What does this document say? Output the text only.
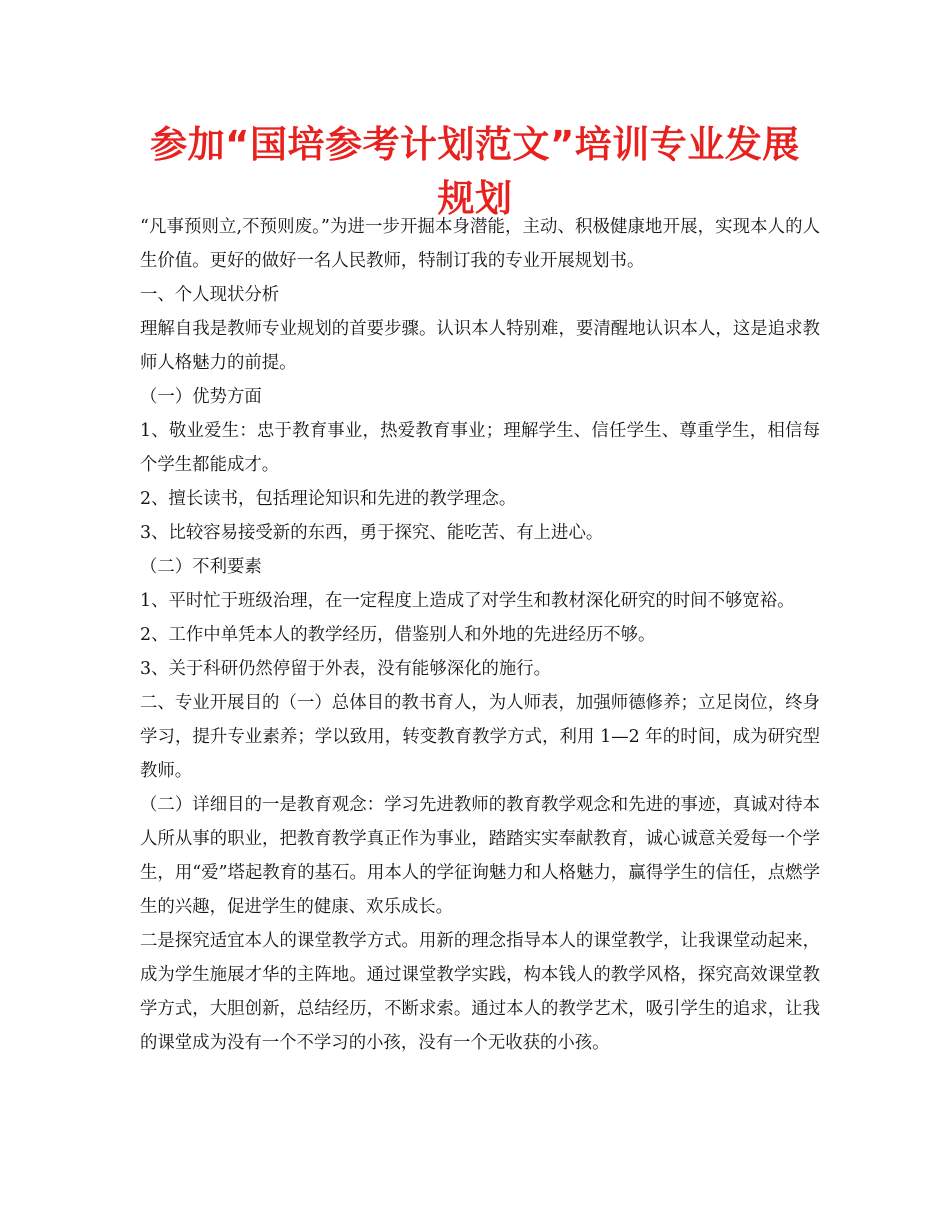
参加“国培参考计划范文”培训专业发展
规划

“凡事预则立,不预则废。”为进一步开掘本身潜能，主动、积极健康地开展，实现本人的人生价值。更好的做好一名人民教师，特制订我的专业开展规划书。

一、个人现状分析

理解自我是教师专业规划的首要步骤。认识本人特别难，要清醒地认识本人，这是追求教师人格魅力的前提。

（一）优势方面

1、敬业爱生：忠于教育事业，热爱教育事业；理解学生、信任学生、尊重学生，相信每个学生都能成才。

2、擅长读书，包括理论知识和先进的教学理念。

3、比较容易接受新的东西，勇于探究、能吃苦、有上进心。

（二）不利要素

1、平时忙于班级治理，在一定程度上造成了对学生和教材深化研究的时间不够宽裕。

2、工作中单凭本人的教学经历，借鉴别人和外地的先进经历不够。

3、关于科研仍然停留于外表，没有能够深化的施行。

二、专业开展目的（一）总体目的教书育人，为人师表，加强师德修养；立足岗位，终身学习，提升专业素养；学以致用，转变教育教学方式，利用 1—2 年的时间，成为研究型教师。

（二）详细目的一是教育观念：学习先进教师的教育教学观念和先进的事迹，真诚对待本人所从事的职业，把教育教学真正作为事业，踏踏实实奉献教育，诚心诚意关爱每一个学生，用“爱”塔起教育的基石。用本人的学征询魅力和人格魅力，赢得学生的信任，点燃学生的兴趣，促进学生的健康、欢乐成长。

二是探究适宜本人的课堂教学方式。用新的理念指导本人的课堂教学，让我课堂动起来，成为学生施展才华的主阵地。通过课堂教学实践，构本钱人的教学风格，探究高效课堂教学方式，大胆创新，总结经历，不断求索。通过本人的教学艺术，吸引学生的追求，让我的课堂成为没有一个不学习的小孩，没有一个无收获的小孩。
